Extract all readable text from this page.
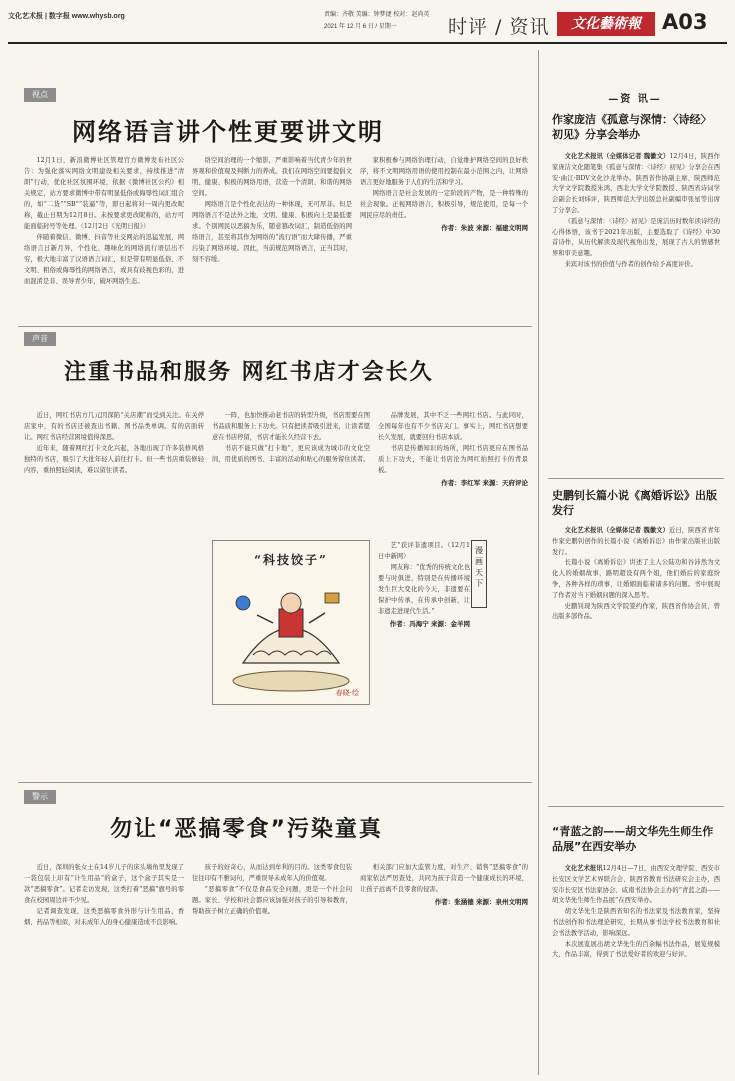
文化艺术报 | 数字报 www.whysb.org	责编：齐敬 美编：钟梦捷 校对：赵尚英
2021 年 12 月 6 日 / 星期一	时评 / 资讯	文化藝術報	A03
视点
网络语言讲个性更要讲文明

12月1日，新浪微博社区管理官方微博发布社区公告：为强化落实网络文明建设相关要求，持续推进“清朗”行动，优化社区氛围环境，依据《微博社区公约》相关规定，站方要求微博中带有明显低俗或侮辱性词汇组合的，如“二货”“SB”“装逼”等，即日起将对一周内更改昵称，截止日期为12月8日。未按要求更改昵称的，站方可能面临封号等处理。（12月2日《光明日报》）

伴随着微信、微博、抖音等社交网站的迅猛发展，网络语言日新月异，个性化、趣味化的网络流行语层出不穷，极大地丰富了汉语语言词汇，但是带有明显低俗、不文明、粗俗或侮辱性的网络语言，或具有歧视色彩的，进而混淆是非、误导青少年，破坏网络生态。

络空间治理的一个缩影，严重影响着当代青少年的世界观和价值观及判断力的养成。我们在网络空间要提倡文明、健康、积极的网络用语，营造一个清朗、和谐的网络空间。

网络语言是个性化表达的一种体现，无可厚非。但是网络语言不是法外之地，文明、健康、积极向上是最低要求。个别网民以恶搞为乐，随意篡改词汇，制造低俗的网络语言，甚至将其作为网络的“流行语”而大肆传播，严重污染了网络环境。因此，当前规范网络语言，正当其时，刻不容缓。

家积极参与网络治理行动，自觉维护网络空间的良好秩序，将不文明网络用语的使用控制在最小范围之内，让网络语言更好地服务于人们的生活和学习。

网络语言是社会发展的一定阶段的产物，是一种特殊的社会现象。正视网络语言，积极引导，规范使用，是每一个网民应尽的责任。

作者：朱波 来源：福建文明网
声音
注重书品和服务 网红书店才会长久

近日，网红书店方几元因深陷“关店潮”而受到关注。在关停店家中，有的书店还被查出书籍、图书品类单调。有的店面转让。网红书店经营困境值得深思。

近年来，随着网红打卡文化兴起，各地出现了许多装修风格独特的书店，吸引了大批年轻人前往打卡。但一些书店重装修轻内容，重拍照轻阅读，难以留住读者。

一阵，也加快推动老书店的转型升级，书店需要在图书品质和服务上下功夫。只有把读者吸引进来，让读者愿意在书店停留，书店才能长久经营下去。

书店不能只做“打卡地”，更应该成为城市的文化空间，用优质的图书、丰富的活动和贴心的服务留住读者。

品牌发展，其中不乏一些网红书店。与此同时，全国每年也有不少书店关门。事实上，网红书店想要长久发展，就要回归书店本质。

书店是传播知识的场所，网红书店更应在图书品质上下功夫，不能让书店沦为网红拍照打卡的背景板。

作者：李红军 来源：天府评论
“科技饺子”
春晓·绘

艺”获评非遗项目。（12月1日中新网）

网友称：“优秀的传统文化也要与时俱进，特别是在传播环境发生巨大变化的今天，非遗要在保护中传承，在传承中创新，让非遗走进现代生活。”

作者：冯海宁 来源：金羊网
漫画天下
警示
勿让“恶搞零食”污染童真

近日，深圳的张女士在14岁儿子的床头墙角里发现了一袋包装上印有“计生用品”的盒子，这个盒子其实是一款“恶搞零食”。记者走访发现，这类打着“恶搞”旗号的零食在校园周边并不少见。

记者调查发现，这类恶搞零食外形与计生用品、香烟、药品等相似，对未成年人的身心健康造成不良影响。

孩子的好奇心，从而达到牟利的目的。这类零食包装往往印有不雅词句，严重误导未成年人的价值观。

“恶搞零食”不仅是食品安全问题，更是一个社会问题。家长、学校和社会都应该加强对孩子的引导和教育，帮助孩子树立正确的价值观。

相关部门应加大监管力度，对生产、销售“恶搞零食”的商家依法严厉查处，共同为孩子营造一个健康成长的环境，让孩子远离不良零食的侵害。

作者：张涵德 来源：泉州文明网
—资 讯—
作家庞洁《孤意与深情：〈诗经〉初见》分享会举办

文化艺术报讯（全媒体记者 魏徽文）12月4日，陕西作家庞洁文化随笔集《孤意与深情：〈诗经〉初见》分享会在西安·曲江·BDV文化沙龙举办。陕西省作协副主席、陕西师范大学文学院教授朱鸿，西北大学文学院教授、陕西省诗词学会副会长刘炜评，陕西师范大学出版总社副编审张星等出席了分享会。

《孤意与深情：〈诗经〉初见》是庞洁历时数年读诗经的心得体悟，该书于2021年出版，主要选取了《诗经》中30首诗作，从历代解读及现代视角出发，展现了古人的情感世界和审美意趣。

来宾对该书的价值与作者的创作给予高度评价。

史鹏钊长篇小说《离婚诉讼》出版发行

文化艺术报讯（全媒体记者 魏徽文）近日，陕西省青年作家史鹏钊创作的长篇小说《离婚诉讼》由作家出版社出版发行。

长篇小说《离婚诉讼》讲述了主人公陆功和谷沛然为文化人的婚姻故事，路明超设有两个姐，他们婚后的家庭纷争，各种各样的琐事，让婚姻面临着诸多的问题。书中展现了作者对当下婚姻问题的深入思考。

史鹏钊现为陕西文学院签约作家，陕西省作协会员，曾出版多部作品。

“青蓝之韵——胡文华先生师生作品展”在西安举办

文化艺术报讯12月4日—7日，由西安文理学院、西安市长安区文学艺术界联合会、陕西省教育书法研究会主办，西安市长安区书法家协会、咸南书法协会主办的“青蓝之韵——胡文华先生师生作品展”在西安举办。

胡文华先生是陕西省知名的书法家及书法教育家，坚持书法创作和书法理论研究，长期从事书法学校书法教育和社会书法教学活动，影响深远。

本次展览展出胡文华先生的百余幅书法作品，展览规模大，作品丰富，得到了书法爱好者的欢迎与好评。
